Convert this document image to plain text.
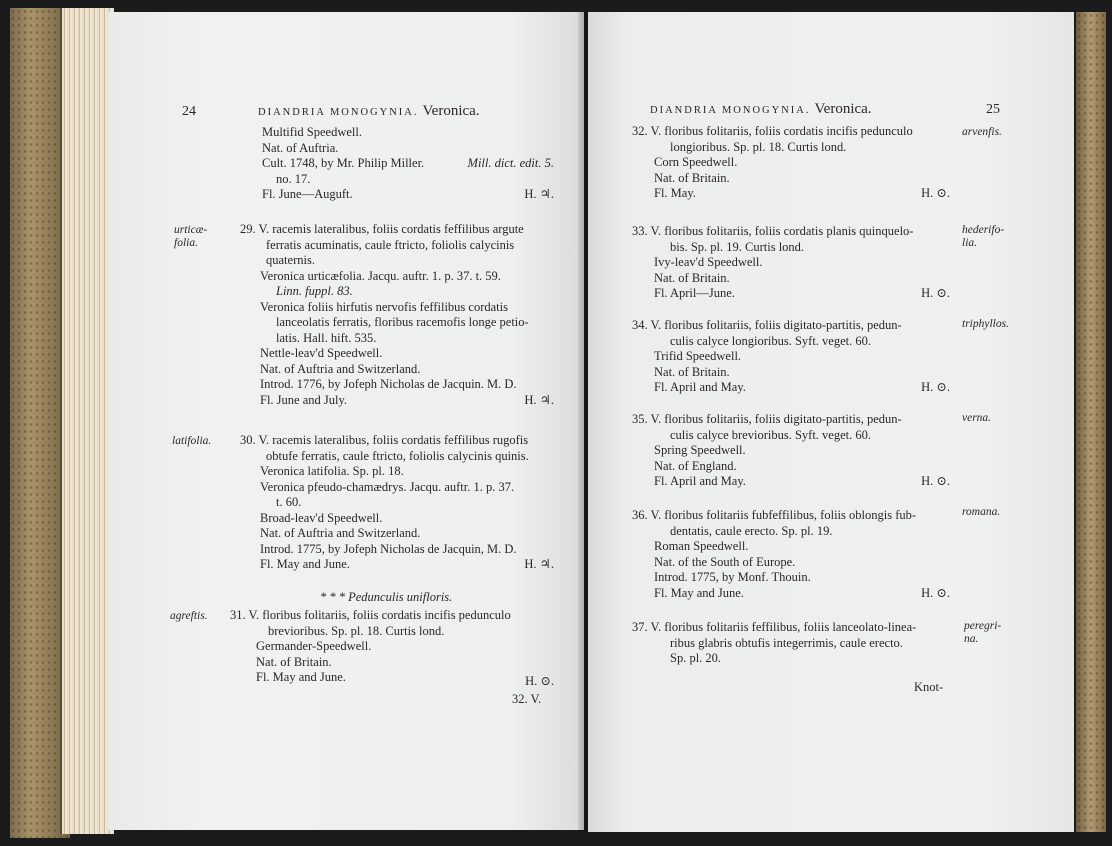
24	DIANDRIA MONOGYNIA. Veronica.
Multifid Speedwell.
Nat. of Auftria.
Cult. 1748, by Mr. Philip Miller.	Mill. dict. edit. 5.
no. 17.
Fl. June—Auguft.	H. ♃.
urticæ-folia.
29. V. racemis lateralibus, foliis cordatis feffilibus argute
ferratis acuminatis, caule ftricto, foliolis calycinis
quaternis.
Veronica urticæfolia. Jacqu. auftr. 1. p. 37. t. 59.
Linn. fuppl. 83.
Veronica foliis hirfutis nervofis feffilibus cordatis
lanceolatis ferratis, floribus racemofis longe petio-
latis. Hall. hift. 535.
Nettle-leav'd Speedwell.
Nat. of Auftria and Switzerland.
Introd. 1776, by Jofeph Nicholas de Jacquin. M. D.
Fl. June and July.	H. ♃.
latifolia. 30. V. racemis lateralibus, foliis cordatis feffilibus rugofis
obtufe ferratis, caule ftricto, foliolis calycinis quinis.
Veronica latifolia. Sp. pl. 18.
Veronica pfeudo-chamædrys. Jacqu. auftr. 1. p. 37.
t. 60.
Broad-leav'd Speedwell.
Nat. of Auftria and Switzerland.
Introd. 1775, by Jofeph Nicholas de Jacquin, M. D.
Fl. May and June.	H. ♃.
* * * Pedunculis unifloris.
agreftis. 31. V. floribus folitariis, foliis cordatis incifis pedunculo
brevioribus. Sp. pl. 18. Curtis lond.
Germander-Speedwell.
Nat. of Britain.
Fl. May and June.	H. ⊙.
32. V.
DIANDRIA MONOGYNIA. Veronica.	25
arvenfis.
32. V. floribus folitariis, foliis cordatis incifis pedunculo
longioribus. Sp. pl. 18. Curtis lond.
Corn Speedwell.
Nat. of Britain.
Fl. May.	H. ⊙.
hederifo-lia.
33. V. floribus folitariis, foliis cordatis planis quinquelo-
bis. Sp. pl. 19. Curtis lond.
Ivy-leav'd Speedwell.
Nat. of Britain.
Fl. April—June.	H. ⊙.
triphyllos.
34. V. floribus folitariis, foliis digitato-partitis, pedun-
culis calyce longioribus. Syft. veget. 60.
Trifid Speedwell.
Nat. of Britain.
Fl. April and May.	H. ⊙.
verna.
35. V. floribus folitariis, foliis digitato-partitis, pedun-
culis calyce brevioribus. Syft. veget. 60.
Spring Speedwell.
Nat. of England.
Fl. April and May.	H. ⊙.
romana.
36. V. floribus folitariis fubfeffilibus, foliis oblongis fub-
dentatis, caule erecto. Sp. pl. 19.
Roman Speedwell.
Nat. of the South of Europe.
Introd. 1775, by Monf. Thouin.
Fl. May and June.	H. ⊙.
peregri-na.
37. V. floribus folitariis feffilibus, foliis lanceolato-linea-
ribus glabris obtufis integerrimis, caule erecto.
Sp. pl. 20.
Knot-
